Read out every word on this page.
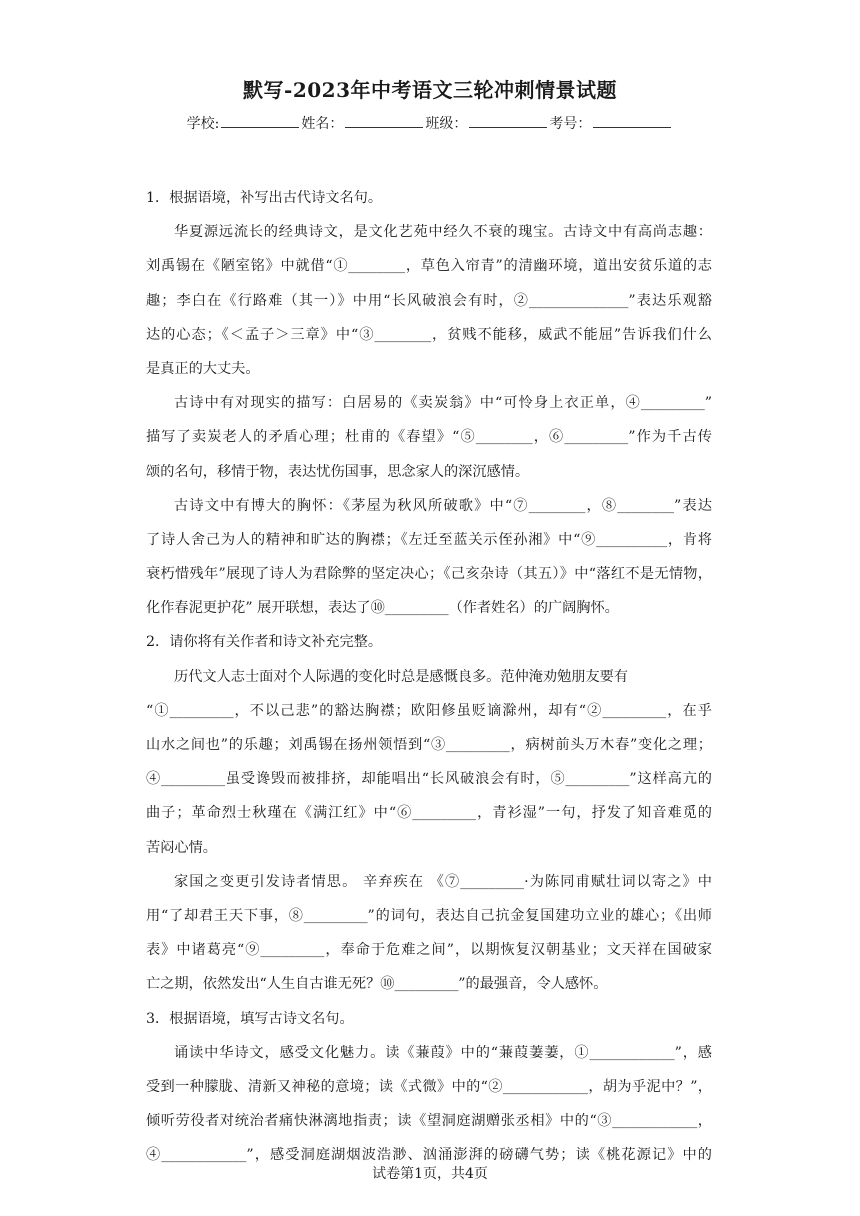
默写-2023年中考语文三轮冲刺情景试题
学校:	姓名：	班级：	考号：
1．根据语境，补写出古代诗文名句。
华夏源远流长的经典诗文，是文化艺苑中经久不衰的瑰宝。古诗文中有高尚志趣：
刘禹锡在《陋室铭》中就借“①________，草色入帘青”的清幽环境，道出安贫乐道的志
趣；李白在《行路难（其一）》中用“长风破浪会有时，②______________”表达乐观豁
达的心态；《＜孟子＞三章》中“③________，贫贱不能移，威武不能屈”告诉我们什么
是真正的大丈夫。
古诗中有对现实的描写：白居易的《卖炭翁》中“可怜身上衣正单，④_________”
描写了卖炭老人的矛盾心理；杜甫的《春望》“⑤________，⑥_________”作为千古传
颂的名句，移情于物，表达忧伤国事，思念家人的深沉感情。
古诗文中有博大的胸怀：《茅屋为秋风所破歌》中“⑦________，⑧________”表达
了诗人舍己为人的精神和旷达的胸襟；《左迁至蓝关示侄孙湘》中“⑨__________，肯将
衰朽惜残年”展现了诗人为君除弊的坚定决心；《己亥杂诗（其五）》中“落红不是无情物，
化作春泥更护花” 展开联想，表达了⑩_________（作者姓名）的广阔胸怀。
2．请你将有关作者和诗文补充完整。
历代文人志士面对个人际遇的变化时总是感慨良多。范仲淹劝勉朋友要有
“①_________，不以己悲”的豁达胸襟；欧阳修虽贬谪滁州，却有“②_________，在乎
山水之间也”的乐趣；刘禹锡在扬州领悟到“③_________，病树前头万木春”变化之理；
④_________虽受谗毁而被排挤，却能唱出“长风破浪会有时，⑤_________”这样高亢的
曲子；革命烈士秋瑾在《满江红》中“⑥_________，青衫湿”一句，抒发了知音难觅的
苦闷心情。
家国之变更引发诗者情思。 辛弃疾在 《⑦_________·为陈同甫赋壮词以寄之》中
用“了却君王天下事，⑧_________”的词句，表达自己抗金复国建功立业的雄心；《出师
表》中诸葛亮“⑨_________，奉命于危难之间”，以期恢复汉朝基业；文天祥在国破家
亡之期，依然发出“人生自古谁无死？⑩_________”的最强音，令人感怀。
3．根据语境，填写古诗文名句。
诵读中华诗文，感受文化魅力。读《蒹葭》中的“蒹葭萋萋，①____________”，感
受到一种朦胧、清新又神秘的意境；读《式微》中的“②____________，胡为乎泥中？”，
倾听劳役者对统治者痛快淋漓地指责；读《望洞庭湖赠张丞相》中的“③____________，
④____________”，感受洞庭湖烟波浩渺、汹涌澎湃的磅礴气势；读《桃花源记》中的
试卷第1页，共4页
